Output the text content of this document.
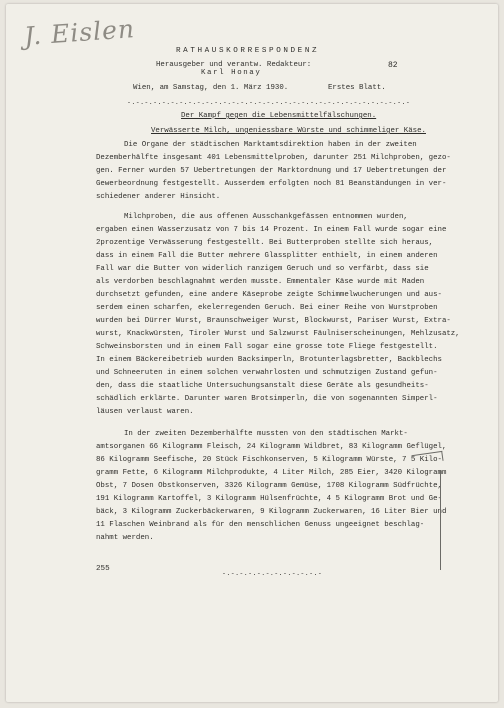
J. Eislen
RATHAUSKORRESPONDENZ
Herausgeber und verantw. Redakteur:
Karl Honay
82
Wien, am Samstag, den 1. März 1930.	Erstes Blatt.
-.-.-.-.-.-.-.-.-.-.-.-.-.-.-.-.-.-.-.-.-.-.-.-.-.-.-.-.-.-.-.-.-
Der Kampf gegen die Lebensmittelfälschungen.
Verwässerte Milch, ungeniessbare Würste und schimmeliger Käse.
Die Organe der städtischen Marktamtsdirektion haben in der zweiten
Dezemberhälfte insgesamt 401 Lebensmittelproben, darunter 251 Milchproben, gezo-
gen. Ferner wurden 57 Uebertretungen der Marktordnung und 17 Uebertretungen der
Gewerbeordnung festgestellt. Ausserdem erfolgten noch 81 Beanständungen in ver-
schiedener anderer Hinsicht.
Milchproben, die aus offenen Ausschankgefässen entnommen wurden,
ergaben einen Wasserzusatz von 7 bis 14 Prozent. In einem Fall wurde sogar eine
2prozentige Verwässerung festgestellt. Bei Butterproben stellte sich heraus,
dass in einem Fall die Butter mehrere Glassplitter enthielt, in einem anderen
Fall war die Butter von widerlich ranzigem Geruch und so verfärbt, dass sie
als verdorben beschlagnahmt werden musste. Emmentaler Käse wurde mit Maden
durchsetzt gefunden, eine andere Käseprobe zeigte Schimmelwucherungen und aus-
serdem einen scharfen, ekelerregenden Geruch. Bei einer Reihe von Wurstproben
wurden bei Dürrer Wurst, Braunschweiger Wurst, Blockwurst, Pariser Wurst, Extra-
wurst, Knackwürsten, Tiroler Wurst und Salzwurst Fäulniserscheinungen, Mehlzusatz,
Schweinsborsten und in einem Fall sogar eine grosse tote Fliege festgestellt.
In einem Bäckereibetrieb wurden Backsimperln, Brotunterlagsbretter, Backblechs
und Schneeruten in einem solchen verwahrlosten und schmutzigen Zustand gefun-
den, dass die staatliche Untersuchungsanstalt diese Geräte als gesundheits-
schädlich erklärte. Darunter waren Brotsimperln, die von sogenannten Simperl-
läusen verlaust waren.
In der zweiten Dezemberhälfte mussten von den städtischen Markt-
amtsorganen 66 Kilogramm Fleisch, 24 Kilogramm Wildbret, 83 Kilogramm Geflügel,
86 Kilogramm Seefische, 20 Stück Fischkonserven, 5 Kilogramm Würste, 7 5 Kilo-
gramm Fette, 6 Kilogramm Milchprodukte, 4 Liter Milch, 285 Eier, 3420 Kilogramm
Obst, 7 Dosen Obstkonserven, 3326 Kilogramm Gemüse, 1708 Kilogramm Südfrüchte,
191 Kilogramm Kartoffel, 3 Kilogramm Hülsenfrüchte, 4 5 Kilogramm Brot und Ge-
bäck, 3 Kilogramm Zuckerbäckerwaren, 9 Kilogramm Zuckerwaren, 16 Liter Bier und
11 Flaschen Weinbrand als für den menschlichen Genuss ungeeignet beschlag-
nahmt werden.
255
-.-.-.-.-.-.-.-.-.-.-.-
